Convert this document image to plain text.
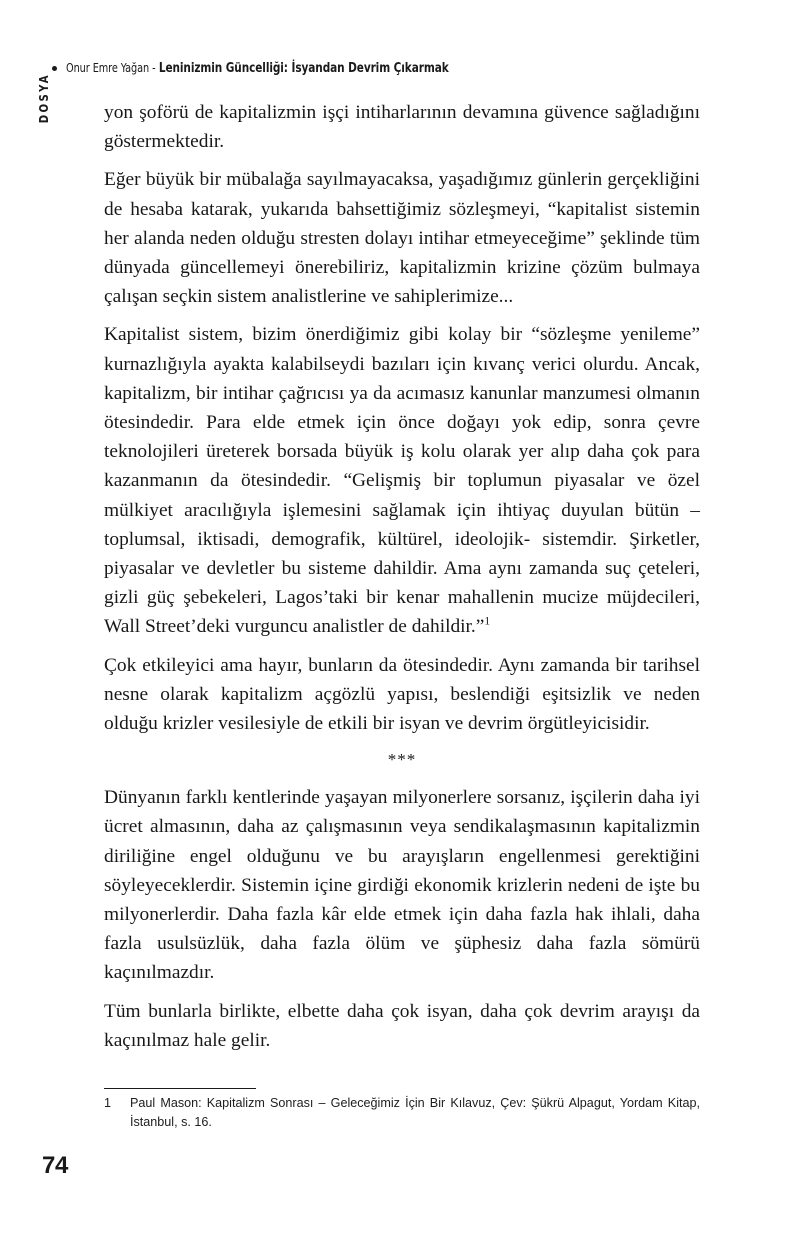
Onur Emre Yağan - Leninizmin Güncelliği: İsyandan Devrim Çıkarmak
DOSYA	yon şoförü de kapitalizmin işçi intiharlarının devamına güvence sağladığını göstermektedir.

Eğer büyük bir mübalağa sayılmayacaksa, yaşadığımız günlerin gerçekliğini de hesaba katarak, yukarıda bahsettiğimiz sözleşmeyi, “kapitalist sistemin her alanda neden olduğu stresten dolayı intihar etmeyeceğime” şeklinde tüm dünyada güncellemeyi önerebiliriz, kapitalizmin krizine çözüm bulmaya çalışan seçkin sistem analistlerine ve sahiplerimize...

Kapitalist sistem, bizim önerdiğimiz gibi kolay bir “sözleşme yenileme” kurnazlığıyla ayakta kalabilseydi bazıları için kıvanç verici olurdu. Ancak, kapitalizm, bir intihar çağrıcısı ya da acımasız kanunlar manzumesi olmanın ötesindedir. Para elde etmek için önce doğayı yok edip, sonra çevre teknolojileri üreterek borsada büyük iş kolu olarak yer alıp daha çok para kazanmanın da ötesindedir. “Gelişmiş bir toplumun piyasalar ve özel mülkiyet aracılığıyla işlemesini sağlamak için ihtiyaç duyulan bütün –toplumsal, iktisadi, demografik, kültürel, ideolojik- sistemdir. Şirketler, piyasalar ve devletler bu sisteme dahildir. Ama aynı zamanda suç çeteleri, gizli güç şebekeleri, Lagos’taki bir kenar mahallenin mucize müjdecileri, Wall Street’deki vurguncu analistler de dahildir.”$^1$

Çok etkileyici ama hayır, bunların da ötesindedir. Aynı zamanda bir tarihsel nesne olarak kapitalizm açgözlü yapısı, beslendiği eşitsizlik ve neden olduğu krizler vesilesiyle de etkili bir isyan ve devrim örgütleyicisidir.

***

Dünyanın farklı kentlerinde yaşayan milyonerlere sorsanız, işçilerin daha iyi ücret almasının, daha az çalışmasının veya sendikalaşmasının kapitalizmin diriliğine engel olduğunu ve bu arayışların engellenmesi gerektiğini söyleyeceklerdir. Sistemin içine girdiği ekonomik krizlerin nedeni de işte bu milyonerlerdir. Daha fazla kâr elde etmek için daha fazla hak ihlali, daha fazla usulsüzlük, daha fazla ölüm ve şüphesiz daha fazla sömürü kaçınılmazdır.

Tüm bunlarla birlikte, elbette daha çok isyan, daha çok devrim arayışı da kaçınılmaz hale gelir.

1	Paul Mason: Kapitalizm Sonrası – Geleceğimiz İçin Bir Kılavuz, Çev: Şükrü Alpagut, Yordam Kitap, İstanbul, s. 16.
74
